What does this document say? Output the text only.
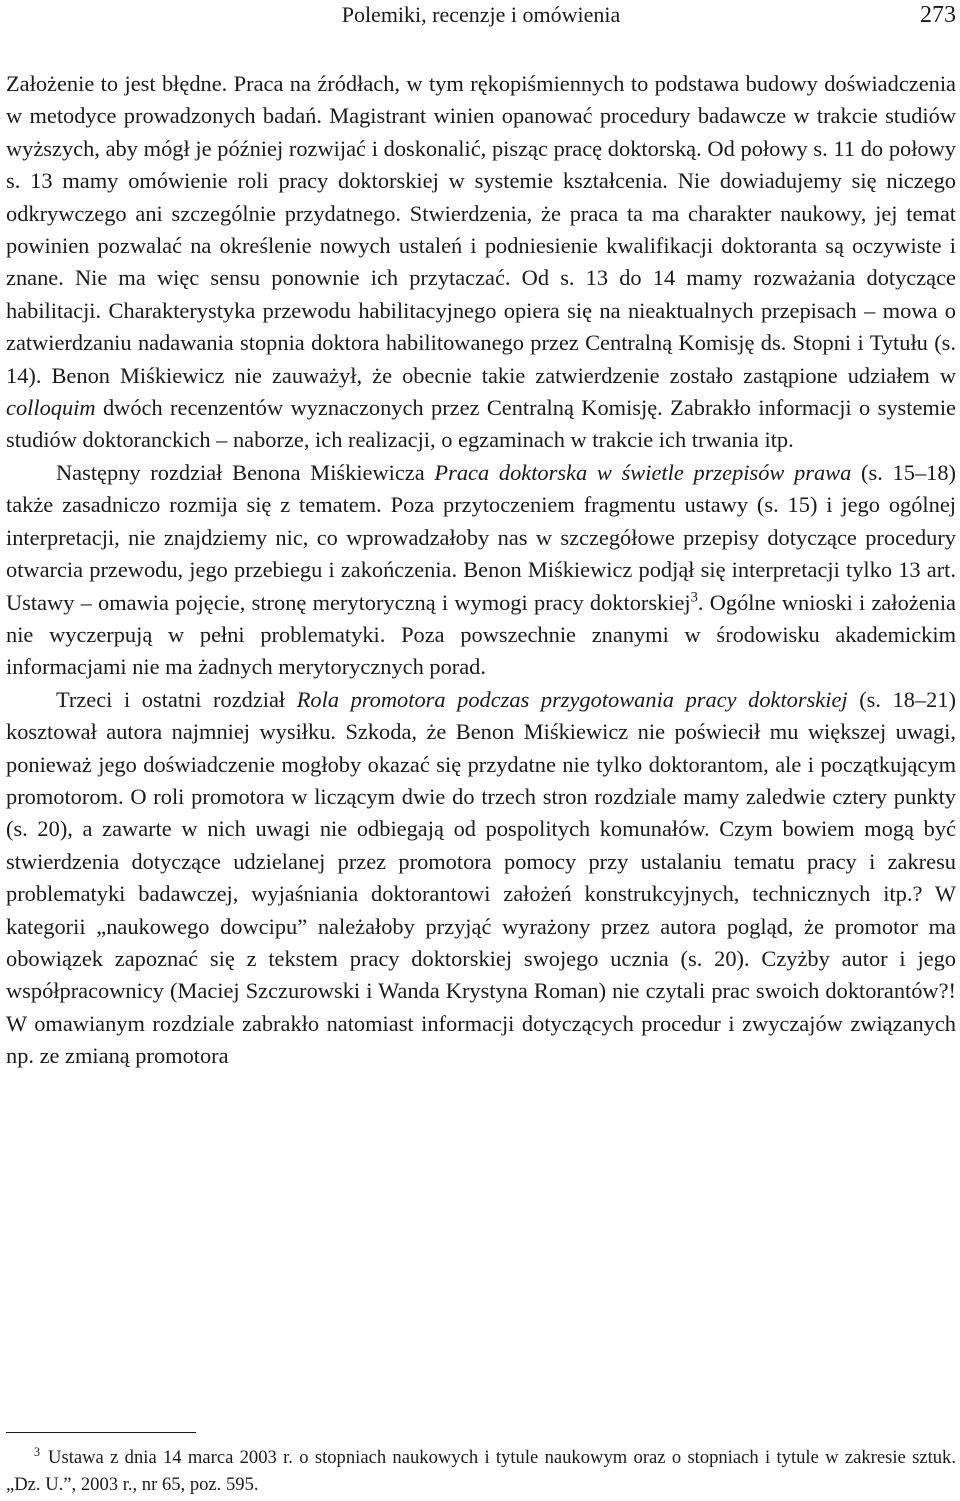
Polemiki, recenzje i omówienia	273

Założenie to jest błędne. Praca na źródłach, w tym rękopiśmiennych to podstawa budowy doświadczenia w metodyce prowadzonych badań. Magistrant winien opanować procedury badawcze w trakcie studiów wyższych, aby mógł je później rozwijać i doskonalić, pisząc pracę doktorską. Od połowy s. 11 do połowy s. 13 mamy omówienie roli pracy doktorskiej w systemie kształcenia. Nie dowiadujemy się niczego odkrywczego ani szczególnie przydatnego. Stwierdzenia, że praca ta ma charakter naukowy, jej temat powinien pozwalać na określenie nowych ustaleń i podniesienie kwalifikacji doktoranta są oczywiste i znane. Nie ma więc sensu ponownie ich przytaczać. Od s. 13 do 14 mamy rozważania dotyczące habilitacji. Charakterystyka przewodu habilitacyjnego opiera się na nieaktualnych przepisach – mowa o zatwierdzaniu nadawania stopnia doktora habilitowanego przez Centralną Komisję ds. Stopni i Tytułu (s. 14). Benon Miśkiewicz nie zauważył, że obecnie takie zatwierdzenie zostało zastąpione udziałem w colloquim dwóch recenzentów wyznaczonych przez Centralną Komisję. Zabrakło informacji o systemie studiów doktoranckich – naborze, ich realizacji, o egzaminach w trakcie ich trwania itp.

Następny rozdział Benona Miśkiewicza Praca doktorska w świetle przepisów prawa (s. 15–18) także zasadniczo rozmija się z tematem. Poza przytoczeniem fragmentu ustawy (s. 15) i jego ogólnej interpretacji, nie znajdziemy nic, co wprowadzałoby nas w szczegółowe przepisy dotyczące procedury otwarcia przewodu, jego przebiegu i zakończenia. Benon Miśkiewicz podjął się interpretacji tylko 13 art. Ustawy – omawia pojęcie, stronę merytoryczną i wymogi pracy doktorskiej$^3$. Ogólne wnioski i założenia nie wyczerpują w pełni problematyki. Poza powszechnie znanymi w środowisku akademickim informacjami nie ma żadnych merytorycznych porad.

Trzeci i ostatni rozdział Rola promotora podczas przygotowania pracy doktorskiej (s. 18–21) kosztował autora najmniej wysiłku. Szkoda, że Benon Miśkiewicz nie poświecił mu większej uwagi, ponieważ jego doświadczenie mogłoby okazać się przydatne nie tylko doktorantom, ale i początkującym promotorom. O roli promotora w liczącym dwie do trzech stron rozdziale mamy zaledwie cztery punkty (s. 20), a zawarte w nich uwagi nie odbiegają od pospolitych komunałów. Czym bowiem mogą być stwierdzenia dotyczące udzielanej przez promotora pomocy przy ustalaniu tematu pracy i zakresu problematyki badawczej, wyjaśniania doktorantowi założeń konstrukcyjnych, technicznych itp.? W kategorii „naukowego dowcipu” należałoby przyjąć wyrażony przez autora pogląd, że promotor ma obowiązek zapoznać się z tekstem pracy doktorskiej swojego ucznia (s. 20). Czyżby autor i jego współpracownicy (Maciej Szczurowski i Wanda Krystyna Roman) nie czytali prac swoich doktorantów?! W omawianym rozdziale zabrakło natomiast informacji dotyczących procedur i zwyczajów związanych np. ze zmianą promotora

$^3$ Ustawa z dnia 14 marca 2003 r. o stopniach naukowych i tytule naukowym oraz o stopniach i tytule w zakresie sztuk. „Dz. U.”, 2003 r., nr 65, poz. 595.
